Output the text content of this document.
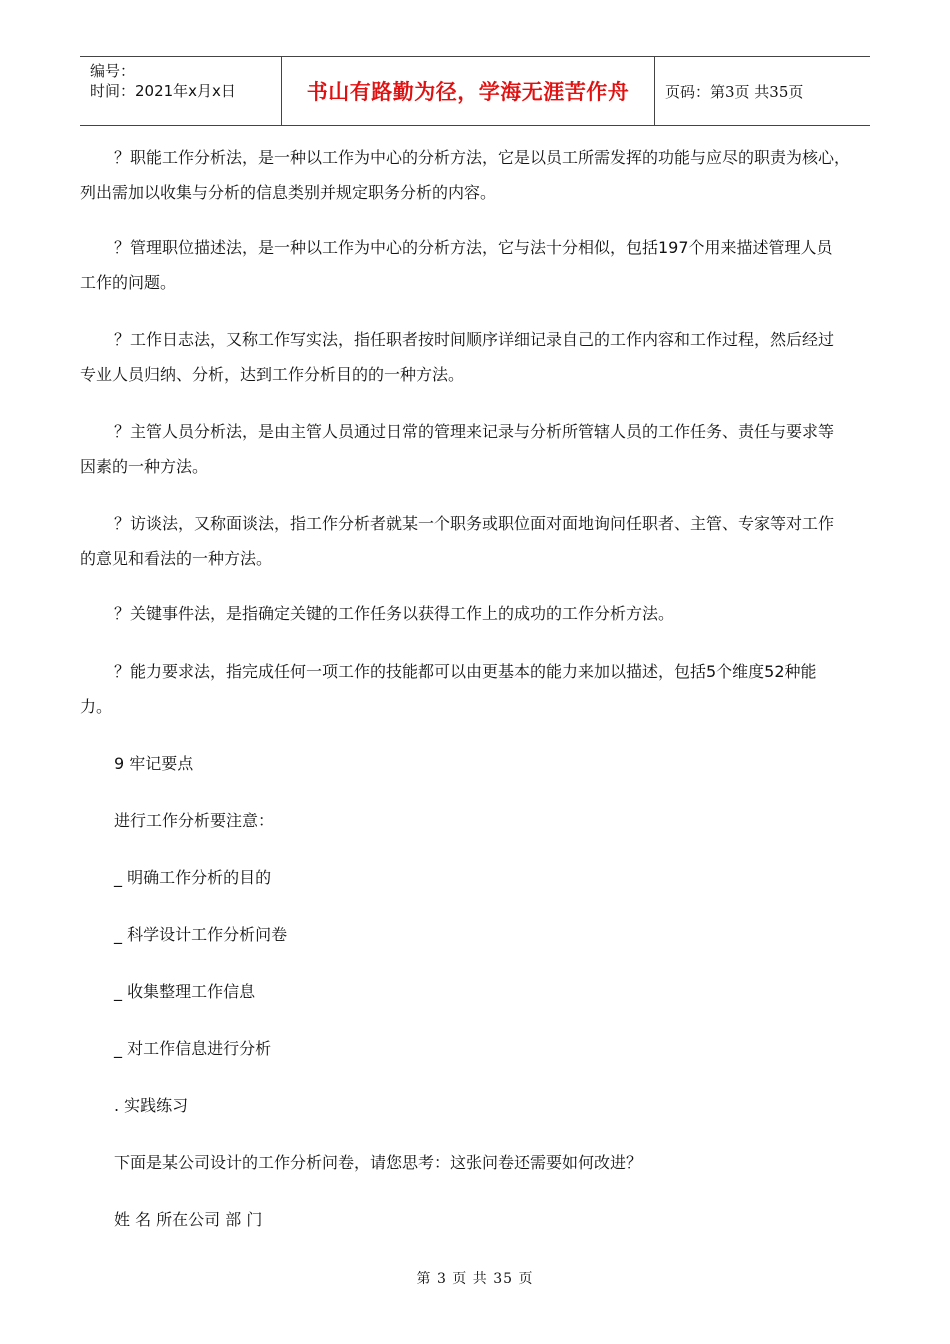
编号：
时间：2021年x月x日	书山有路勤为径，学海无涯苦作舟	页码：第3页 共35页
？职能工作分析法，是一种以工作为中心的分析方法，它是以员工所需发挥的功能与应尽的职责为核心，
列出需加以收集与分析的信息类别并规定职务分析的内容。
？管理职位描述法，是一种以工作为中心的分析方法，它与法十分相似，包括197个用来描述管理人员
工作的问题。
？工作日志法，又称工作写实法，指任职者按时间顺序详细记录自己的工作内容和工作过程，然后经过
专业人员归纳、分析，达到工作分析目的的一种方法。
？主管人员分析法，是由主管人员通过日常的管理来记录与分析所管辖人员的工作任务、责任与要求等
因素的一种方法。
？访谈法，又称面谈法，指工作分析者就某一个职务或职位面对面地询问任职者、主管、专家等对工作
的意见和看法的一种方法。
？关键事件法，是指确定关键的工作任务以获得工作上的成功的工作分析方法。
？能力要求法，指完成任何一项工作的技能都可以由更基本的能力来加以描述，包括5个维度52种能
力。
9 牢记要点
进行工作分析要注意：
_ 明确工作分析的目的
_ 科学设计工作分析问卷
_ 收集整理工作信息
_ 对工作信息进行分析
. 实践练习
下面是某公司设计的工作分析问卷，请您思考：这张问卷还需要如何改进？
姓 名 所在公司 部 门
第 3 页 共 35 页
